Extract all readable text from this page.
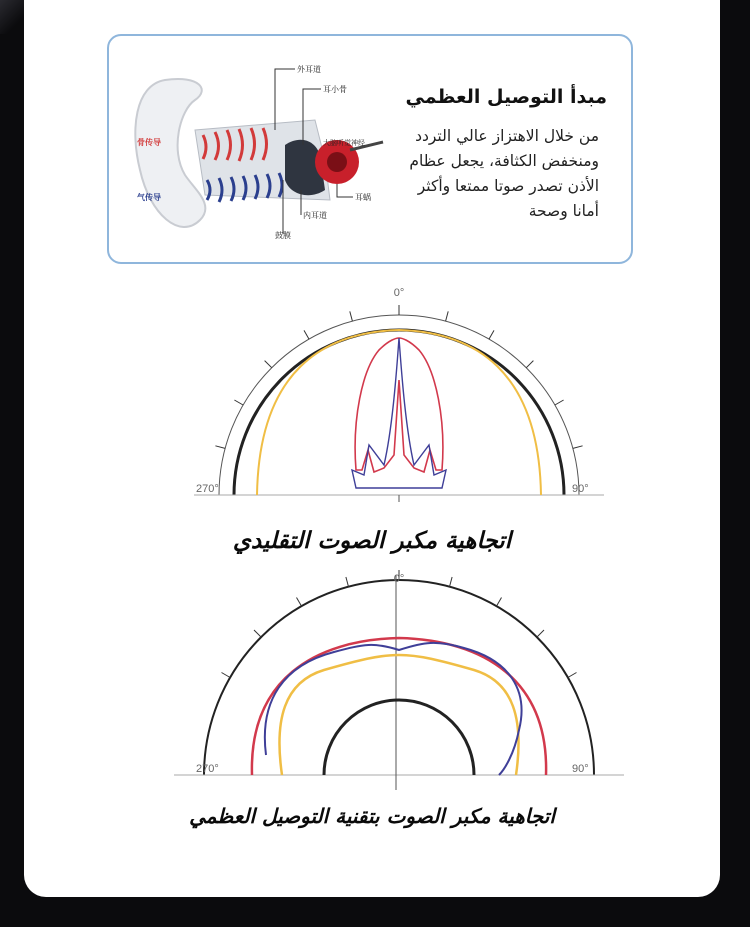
骨传导
气传导
外耳道
耳小骨
大脑听觉神经
耳蜗
内耳道
鼓膜
مبدأ التوصيل العظمي
من خلال الاهتزاز عالي التردد ومنخفض الكثافة، يجعل عظام الأذن تصدر صوتا ممتعا وأكثر أمانا وصحة
0°
270°	90°
اتجاهية مكبر الصوت التقليدي
0°
270°	90°
اتجاهية مكبر الصوت بتقنية التوصيل العظمي
